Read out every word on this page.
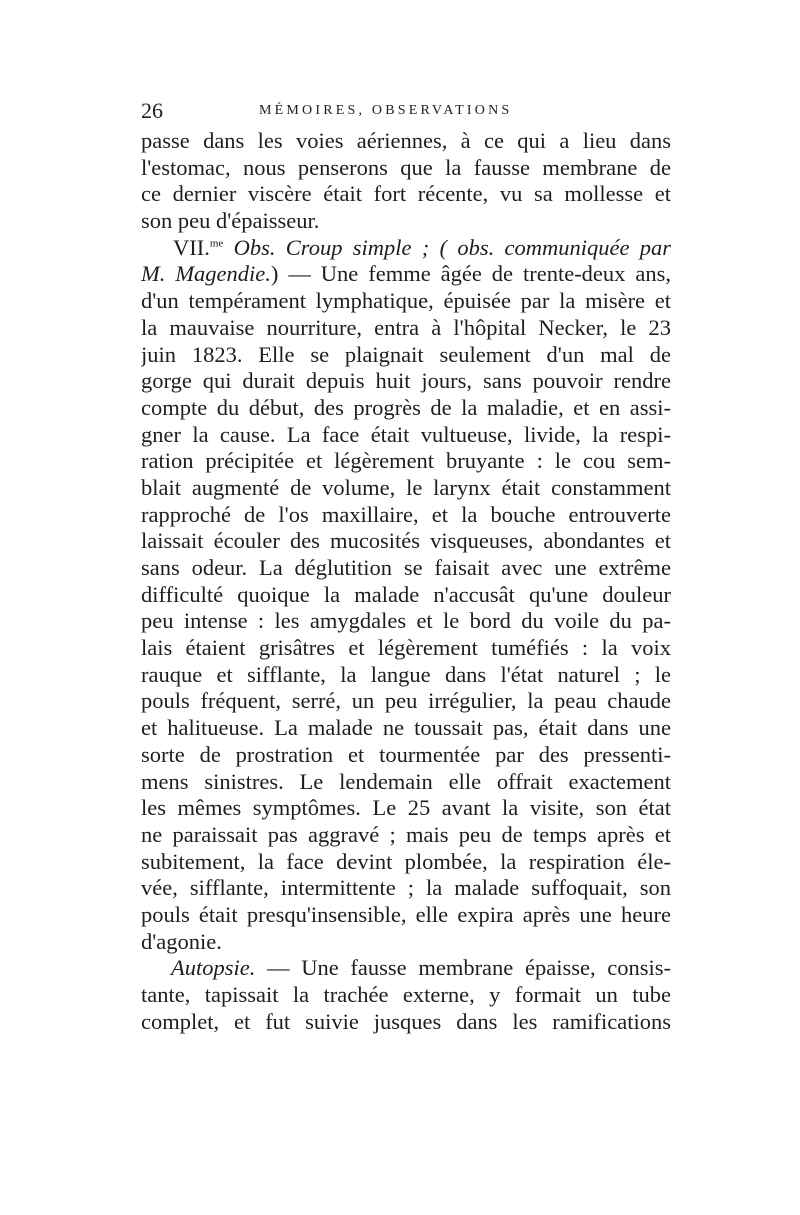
26	MÉMOIRES, OBSERVATIONS
passe dans les voies aériennes, à ce qui a lieu dans
l'estomac, nous penserons que la fausse membrane de
ce dernier viscère était fort récente, vu sa mollesse et
son peu d'épaisseur.
VII.$^{me}$ Obs. Croup simple ; ( obs. communiquée par
M. Magendie.) — Une femme âgée de trente-deux ans,
d'un tempérament lymphatique, épuisée par la misère et
la mauvaise nourriture, entra à l'hôpital Necker, le 23
juin 1823. Elle se plaignait seulement d'un mal de
gorge qui durait depuis huit jours, sans pouvoir rendre
compte du début, des progrès de la maladie, et en assi-
gner la cause. La face était vultueuse, livide, la respi-
ration précipitée et légèrement bruyante : le cou sem-
blait augmenté de volume, le larynx était constamment
rapproché de l'os maxillaire, et la bouche entrouverte
laissait écouler des mucosités visqueuses, abondantes et
sans odeur. La déglutition se faisait avec une extrême
difficulté quoique la malade n'accusât qu'une douleur
peu intense : les amygdales et le bord du voile du pa-
lais étaient grisâtres et légèrement tuméfiés : la voix
rauque et sifflante, la langue dans l'état naturel ; le
pouls fréquent, serré, un peu irrégulier, la peau chaude
et halitueuse. La malade ne toussait pas, était dans une
sorte de prostration et tourmentée par des pressenti-
mens sinistres. Le lendemain elle offrait exactement
les mêmes symptômes. Le 25 avant la visite, son état
ne paraissait pas aggravé ; mais peu de temps après et
subitement, la face devint plombée, la respiration éle-
vée, sifflante, intermittente ; la malade suffoquait, son
pouls était presqu'insensible, elle expira après une heure
d'agonie.
Autopsie. — Une fausse membrane épaisse, consis-
tante, tapissait la trachée externe, y formait un tube
complet, et fut suivie jusques dans les ramifications
